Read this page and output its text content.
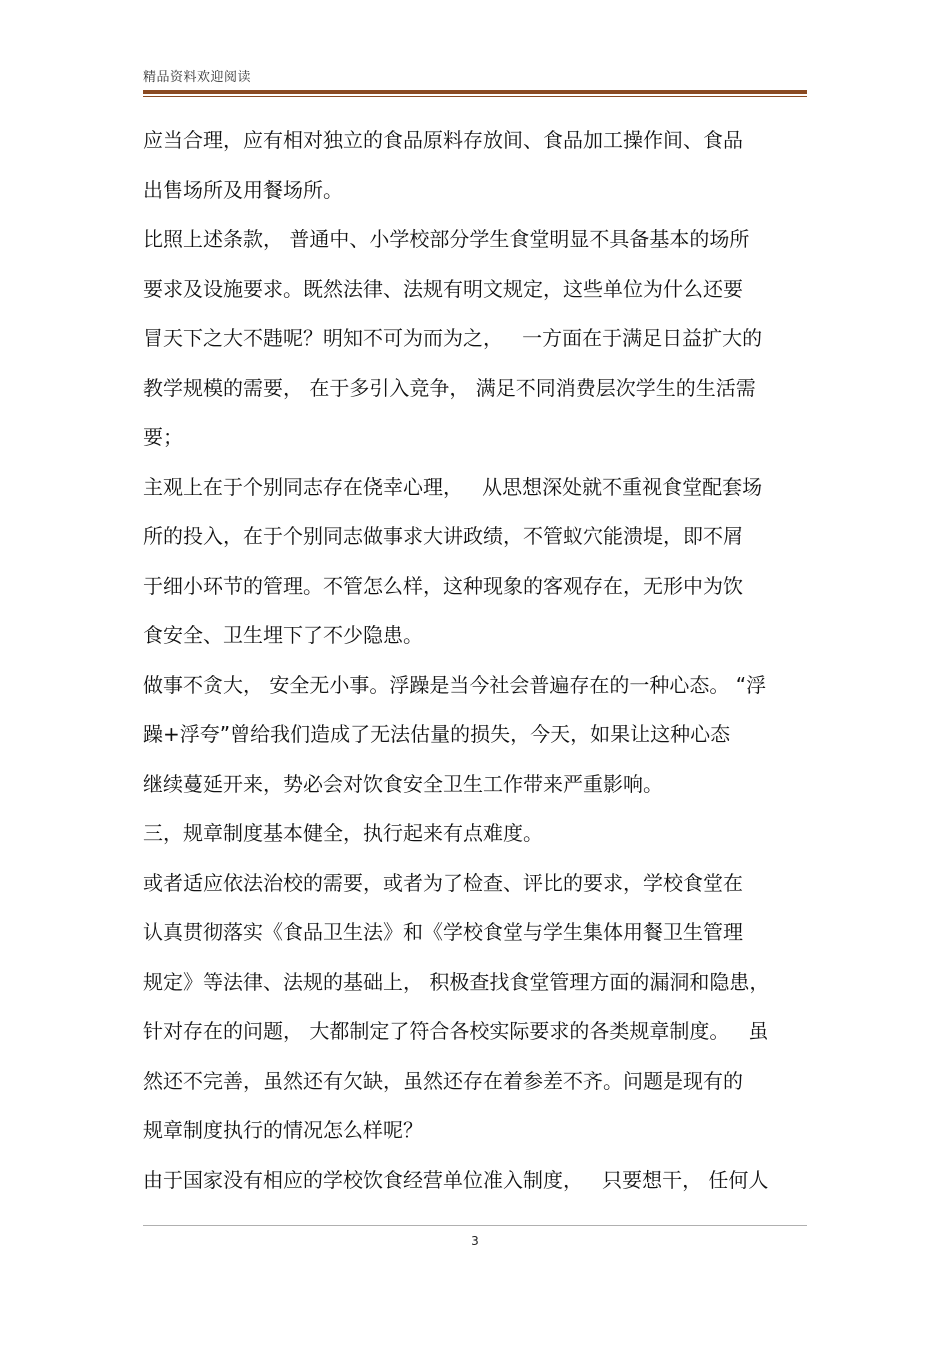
精品资料欢迎阅读
应当合理，应有相对独立的食品原料存放间、食品加工操作间、食品
出售场所及用餐场所。
比照上述条款， 普通中、小学校部分学生食堂明显不具备基本的场所
要求及设施要求。既然法律、法规有明文规定，这些单位为什么还要
冒天下之大不韪呢？明知不可为而为之，   一方面在于满足日益扩大的
教学规模的需要， 在于多引入竞争， 满足不同消费层次学生的生活需
要；
主观上在于个别同志存在侥幸心理，   从思想深处就不重视食堂配套场
所的投入，在于个别同志做事求大讲政绩，不管蚁穴能溃堤，即不屑
于细小环节的管理。不管怎么样，这种现象的客观存在，无形中为饮
食安全、卫生埋下了不少隐患。
做事不贪大， 安全无小事。浮躁是当今社会普遍存在的一种心态。 “浮
躁+浮夸”曾给我们造成了无法估量的损失，今天，如果让这种心态
继续蔓延开来，势必会对饮食安全卫生工作带来严重影响。
三，规章制度基本健全，执行起来有点难度。
或者适应依法治校的需要，或者为了检查、评比的要求，学校食堂在
认真贯彻落实《食品卫生法》和《学校食堂与学生集体用餐卫生管理
规定》等法律、法规的基础上， 积极查找食堂管理方面的漏洞和隐患，
针对存在的问题， 大都制定了符合各校实际要求的各类规章制度。   虽
然还不完善，虽然还有欠缺，虽然还存在着参差不齐。问题是现有的
规章制度执行的情况怎么样呢？
由于国家没有相应的学校饮食经营单位准入制度，   只要想干， 任何人
3
